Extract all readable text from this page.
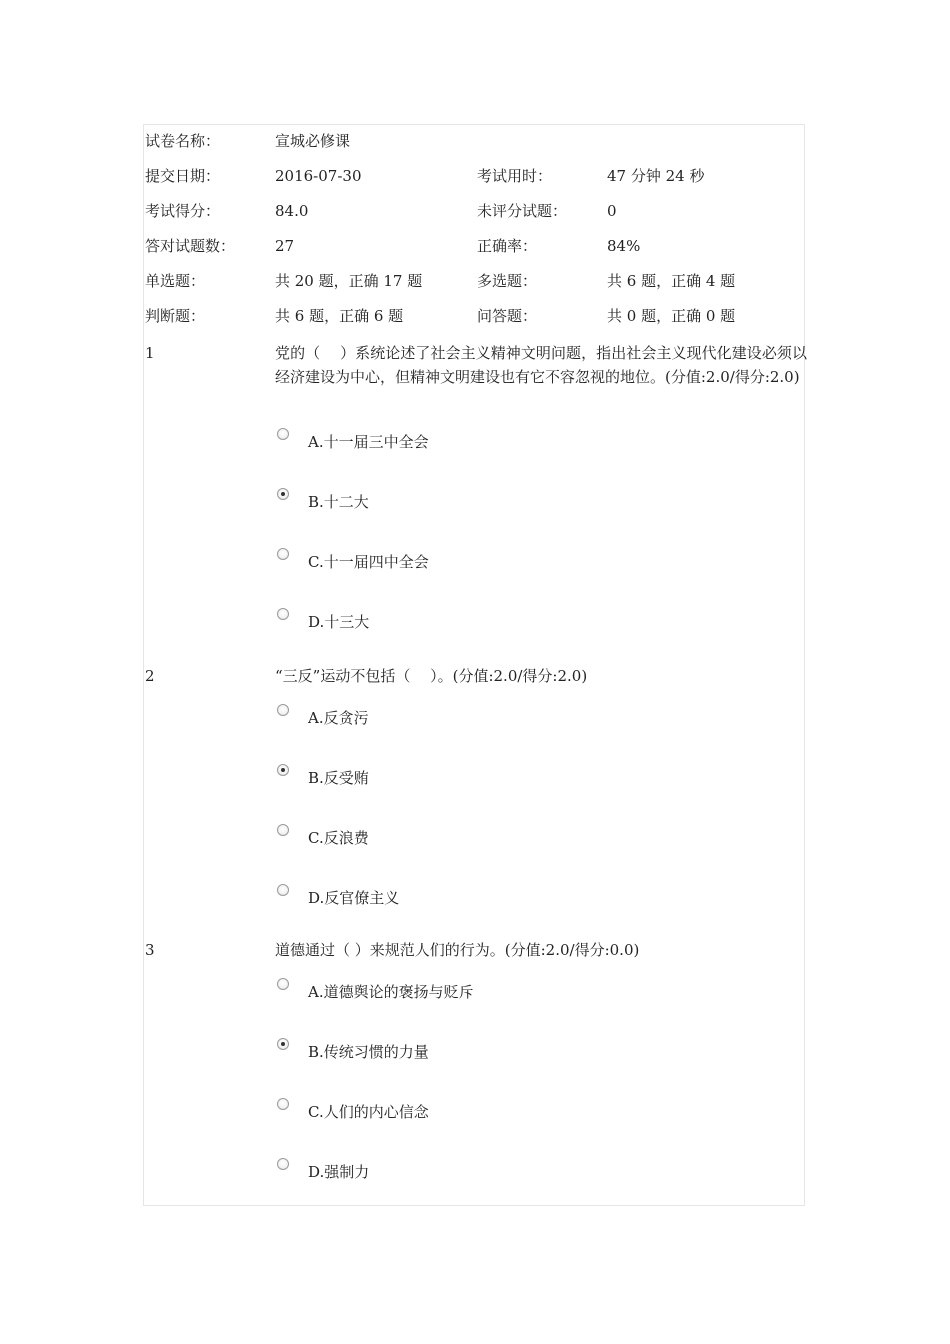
试卷名称：	宣城必修课
提交日期：	2016-07-30	考试用时：	47 分钟 24 秒
考试得分：	84.0	未评分试题：	0
答对试题数：	27	正确率：	84%
单选题：	共 20 题，正确 17 题	多选题：	共 6 题，正确 4 题
判断题：	共 6 题，正确 6 题	问答题：	共 0 题，正确 0 题
1	党的（　 ）系统论述了社会主义精神文明问题，指出社会主义现代化建设必须以经济建设为中心，但精神文明建设也有它不容忽视的地位。(分值:2.0/得分:2.0)
A.十一届三中全会
B.十二大
C.十一届四中全会
D.十三大
2	“三反”运动不包括（　 ）。(分值:2.0/得分:2.0)
A.反贪污
B.反受贿
C.反浪费
D.反官僚主义
3	道德通过（ ）来规范人们的行为。(分值:2.0/得分:0.0)
A.道德舆论的褒扬与贬斥
B.传统习惯的力量
C.人们的内心信念
D.强制力
